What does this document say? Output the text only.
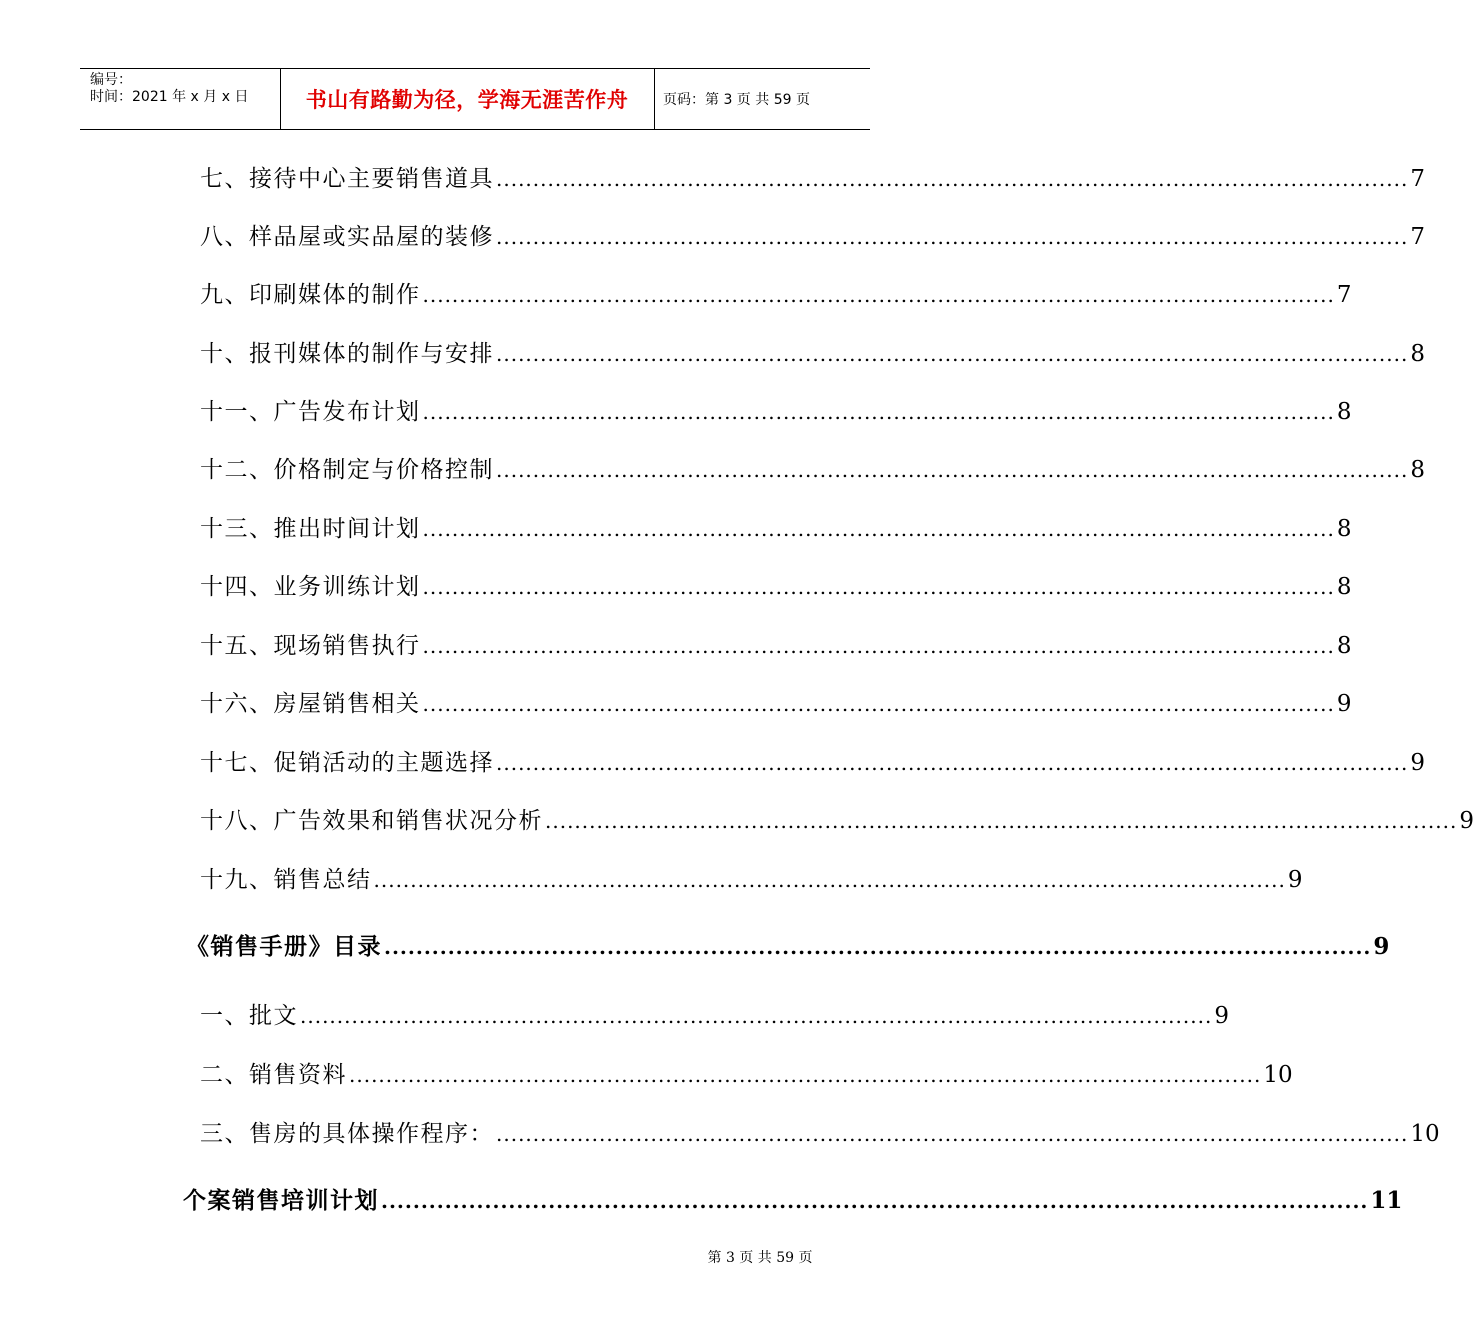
编号：
时间：2021 年 x 月 x 日	书山有路勤为径，学海无涯苦作舟	页码：第 3 页 共 59 页
七、接待中心主要销售道具 ............................................................................................................................ 7
八、样品屋或实品屋的装修 ............................................................................................................................ 7
九、印刷媒体的制作 ............................................................................................................................ 7
十、报刊媒体的制作与安排 ............................................................................................................................ 8
十一、广告发布计划 ............................................................................................................................ 8
十二、价格制定与价格控制 ............................................................................................................................ 8
十三、推出时间计划 ............................................................................................................................ 8
十四、业务训练计划 ............................................................................................................................ 8
十五、现场销售执行 ............................................................................................................................ 8
十六、房屋销售相关 ............................................................................................................................ 9
十七、促销活动的主题选择 ............................................................................................................................ 9
十八、广告效果和销售状况分析 ............................................................................................................................ 9
十九、销售总结 ............................................................................................................................ 9
《销售手册》目录 ............................................................................................................................ 9
一、批文 ............................................................................................................................ 9
二、销售资料 ............................................................................................................................ 10
三、售房的具体操作程序： ............................................................................................................................ 10
个案销售培训计划 ............................................................................................................................ 11
第 3 页 共 59 页
